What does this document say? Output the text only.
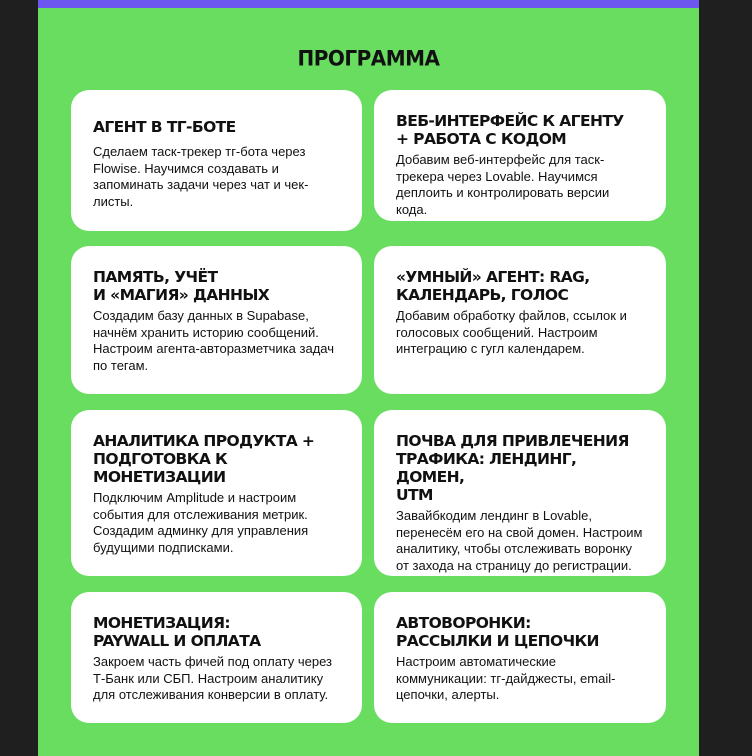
ПРОГРАММА
АГЕНТ В ТГ-БОТЕ

Сделаем таск-трекер тг-бота через Flowise. Научимся создавать и запоминать задачи через чат и чек-листы.

ВЕБ-ИНТЕРФЕЙС К АГЕНТУ
+ РАБОТА С КОДОМ

Добавим веб-интерфейс для таск-трекера через Lovable. Научимся деплоить и контролировать версии кода.

ПАМЯТЬ, УЧЁТ
И «МАГИЯ» ДАННЫХ

Создадим базу данных в Supabase, начнём хранить историю сообщений. Настроим агента-авторазметчика задач по тегам.

«УМНЫЙ» АГЕНТ: RAG,
КАЛЕНДАРЬ, ГОЛОС

Добавим обработку файлов, ссылок и голосовых сообщений. Настроим интеграцию с гугл календарем.

АНАЛИТИКА ПРОДУКТА +
ПОДГОТОВКА К
МОНЕТИЗАЦИИ

Подключим Amplitude и настроим события для отслеживания метрик. Создадим админку для управления будущими подписками.

ПОЧВА ДЛЯ ПРИВЛЕЧЕНИЯ
ТРАФИКА: ЛЕНДИНГ, ДОМЕН,
UTM

Завайбкодим лендинг в Lovable, перенесём его на свой домен. Настроим аналитику, чтобы отслеживать воронку от захода на страницу до регистрации.

МОНЕТИЗАЦИЯ:
PAYWALL И ОПЛАТА

Закроем часть фичей под оплату через Т-Банк или СБП. Настроим аналитику для отслеживания конверсии в оплату.

АВТОВОРОНКИ:
РАССЫЛКИ И ЦЕПОЧКИ

Настроим автоматические коммуникации: тг-дайджесты, email-цепочки, алерты.
